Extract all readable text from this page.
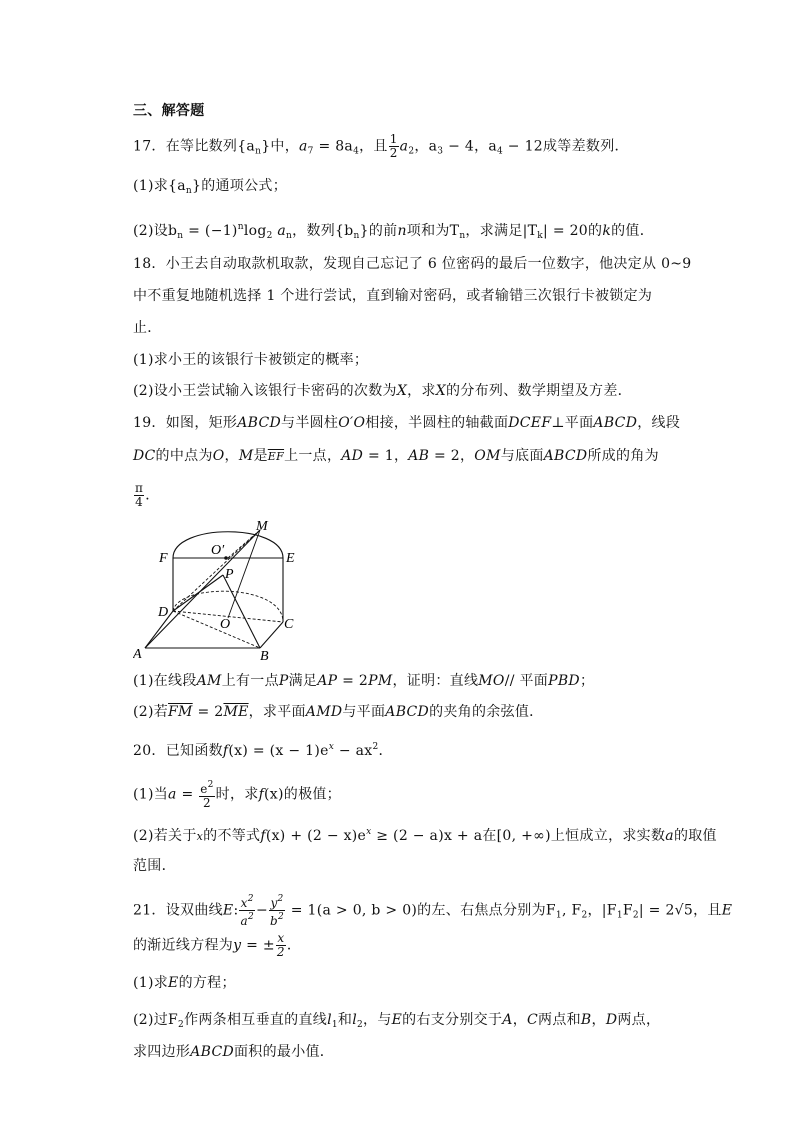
三、解答题
17．在等比数列$\{a_n\}$中，$a_7 = 8a_4$，且 $\frac{1}{2} a_2$，$a_3 - 4$，$a_4 - 12$成等差数列．
(1)求$\{a_n\}$的通项公式；
(2)设$b_n = (-1)^n\log_2$ $a_n$，数列$\{b_n\}$的前n项和为$T_n$，求满足$|T_k| = 20$的k的值．
18．小王去自动取款机取款，发现自己忘记了 6 位密码的最后一位数字，他决定从 0~9
中不重复地随机选择 1 个进行尝试，直到输对密码，或者输错三次银行卡被锁定为
止．
(1)求小王的该银行卡被锁定的概率；
(2)设小王尝试输入该银行卡密码的次数为X，求X的分布列、数学期望及方差．
19．如图，矩形ABCD与半圆柱O′O相接，半圆柱的轴截面DCEF⊥平面ABCD，线段
DC的中点为O，M是$\overline{EF}$上一点，AD = 1，AB = 2，OM与底面ABCD所成的角为
$\frac{\pi}{4}$ ．
M
O′
F	E
P
D
O	C
A	B
(1)在线段AM上有一点P满足AP = 2PM，证明：直线MO// 平面PBD；
(2)若$\overline{FM} = 2\overline{ME}$，求平面AMD与平面ABCD的夹角的余弦值．
20．已知函数$f(x) = (x - 1)e^x - ax^2$．
(1)当$a = \frac{e^2}{2}$ 时，求f(x)的极值；
(2)若关于x的不等式$f(x) + (2 - x)e^x \ge (2 - a)x + a$在[0, +∞)上恒成立，求实数a的取值
范围．
21．设双曲线E: $\frac{x^2}{a^2} - \frac{y^2}{b^2} = 1(a > 0$, b > 0)的左、右焦点分别为$F_1$, $F_2$，$|F_1F_2| = 2√5$，且E
的渐近线方程为y = ± $\frac{x}{2}$ ．
(1)求E的方程；
(2)过$F_2$作两条相互垂直的直线$l_1$和$l_2$，与E的右支分别交于A，C两点和B，D两点，
求四边形ABCD面积的最小值．
